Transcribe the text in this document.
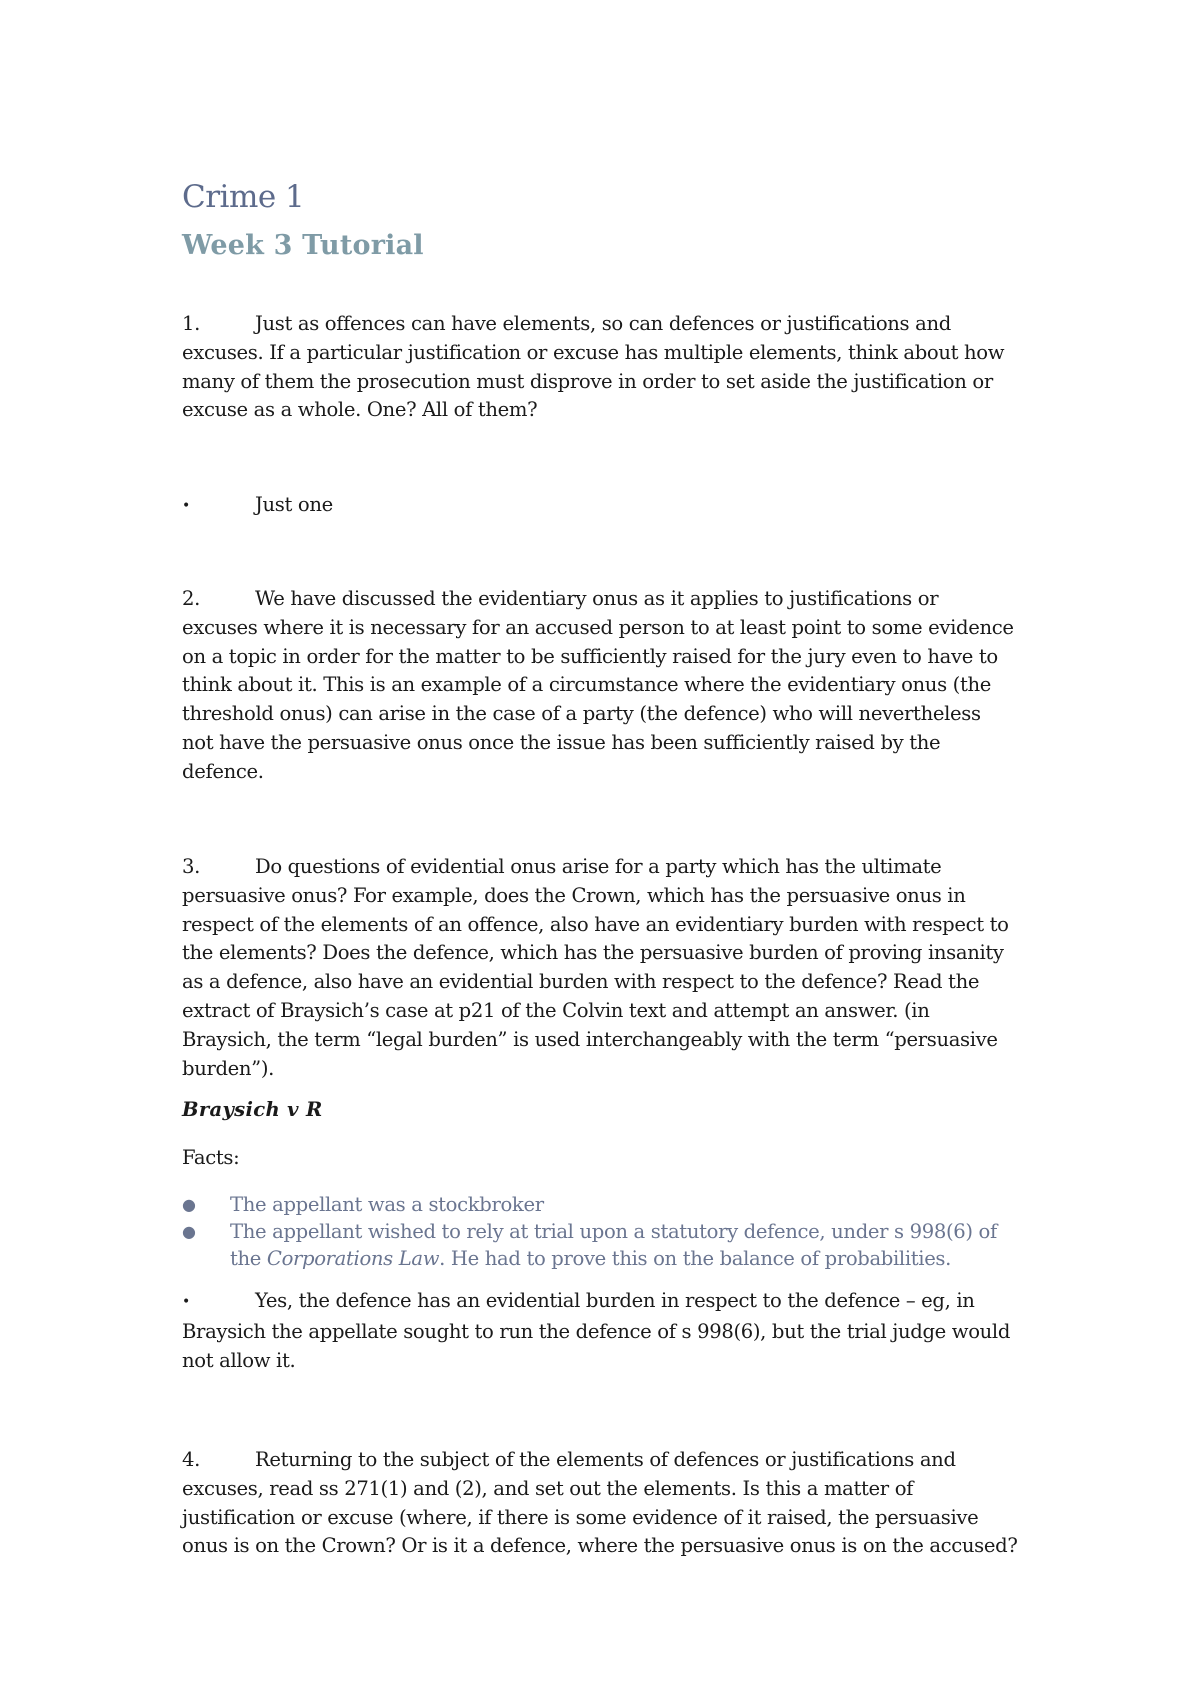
Crime 1
Week 3 Tutorial
1.	Just as offences can have elements, so can defences or justifications and
excuses. If a particular justification or excuse has multiple elements, think about how
many of them the prosecution must disprove in order to set aside the justification or
excuse as a whole. One? All of them?
•	Just one
2.	We have discussed the evidentiary onus as it applies to justifications or
excuses where it is necessary for an accused person to at least point to some evidence
on a topic in order for the matter to be sufficiently raised for the jury even to have to
think about it. This is an example of a circumstance where the evidentiary onus (the
threshold onus) can arise in the case of a party (the defence) who will nevertheless
not have the persuasive onus once the issue has been sufficiently raised by the
defence.
3.	Do questions of evidential onus arise for a party which has the ultimate
persuasive onus? For example, does the Crown, which has the persuasive onus in
respect of the elements of an offence, also have an evidentiary burden with respect to
the elements? Does the defence, which has the persuasive burden of proving insanity
as a defence, also have an evidential burden with respect to the defence? Read the
extract of Braysich’s case at p21 of the Colvin text and attempt an answer. (in
Braysich, the term “legal burden” is used interchangeably with the term “persuasive
burden”).
Braysich v R
Facts:
● The appellant was a stockbroker
● The appellant wished to rely at trial upon a statutory defence, under s 998(6) of
the Corporations Law. He had to prove this on the balance of probabilities.
•	Yes, the defence has an evidential burden in respect to the defence – eg, in
Braysich the appellate sought to run the defence of s 998(6), but the trial judge would
not allow it.
4.	Returning to the subject of the elements of defences or justifications and
excuses, read ss 271(1) and (2), and set out the elements. Is this a matter of
justification or excuse (where, if there is some evidence of it raised, the persuasive
onus is on the Crown? Or is it a defence, where the persuasive onus is on the accused?
